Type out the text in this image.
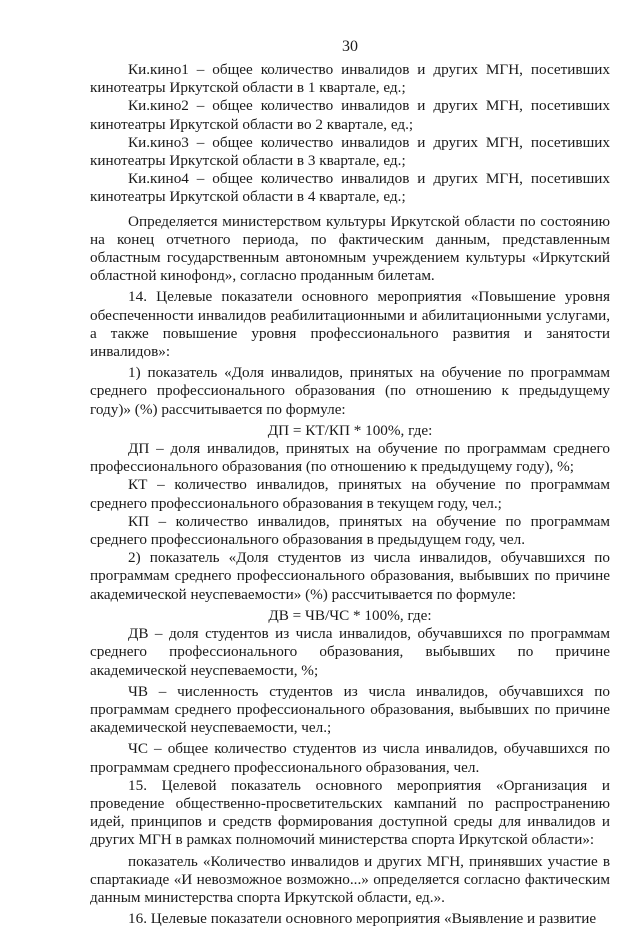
30

Ки.кино1 – общее количество инвалидов и других МГН, посетивших кинотеатры Иркутской области в 1 квартале, ед.;

Ки.кино2 – общее количество инвалидов и других МГН, посетивших кинотеатры Иркутской области во 2 квартале, ед.;

Ки.кино3 – общее количество инвалидов и других МГН, посетивших кинотеатры Иркутской области в 3 квартале, ед.;

Ки.кино4 – общее количество инвалидов и других МГН, посетивших кинотеатры Иркутской области в 4 квартале, ед.;

Определяется министерством культуры Иркутской области по состоянию на конец отчетного периода, по фактическим данным, представленным областным государственным автономным учреждением культуры «Иркутский областной кинофонд», согласно проданным билетам.

14. Целевые показатели основного мероприятия «Повышение уровня обеспеченности инвалидов реабилитационными и абилитационными услугами, а также повышение уровня профессионального развития и занятости инвалидов»:

1) показатель «Доля инвалидов, принятых на обучение по программам среднего профессионального образования (по отношению к предыдущему году)» (%) рассчитывается по формуле:

ДП = КТ/КП * 100%, где:

ДП – доля инвалидов, принятых на обучение по программам среднего профессионального образования (по отношению к предыдущему году), %;

КТ – количество инвалидов, принятых на обучение по программам среднего профессионального образования в текущем году, чел.;

КП – количество инвалидов, принятых на обучение по программам среднего профессионального образования в предыдущем году, чел.

2) показатель «Доля студентов из числа инвалидов, обучавшихся по программам среднего профессионального образования, выбывших по причине академической неуспеваемости» (%) рассчитывается по формуле:

ДВ = ЧВ/ЧС * 100%, где:

ДВ – доля студентов из числа инвалидов, обучавшихся по программам среднего профессионального образования, выбывших по причине академической неуспеваемости, %;

ЧВ – численность студентов из числа инвалидов, обучавшихся по программам среднего профессионального образования, выбывших по причине академической неуспеваемости, чел.;

ЧС – общее количество студентов из числа инвалидов, обучавшихся по программам среднего профессионального образования, чел.

15. Целевой показатель основного мероприятия «Организация и проведение общественно-просветительских кампаний по распространению идей, принципов и средств формирования доступной среды для инвалидов и других МГН в рамках полномочий министерства спорта Иркутской области»:

показатель «Количество инвалидов и других МГН, принявших участие в спартакиаде «И невозможное возможно...» определяется согласно фактическим данным министерства спорта Иркутской области, ед.».

16. Целевые показатели основного мероприятия «Выявление и развитие
